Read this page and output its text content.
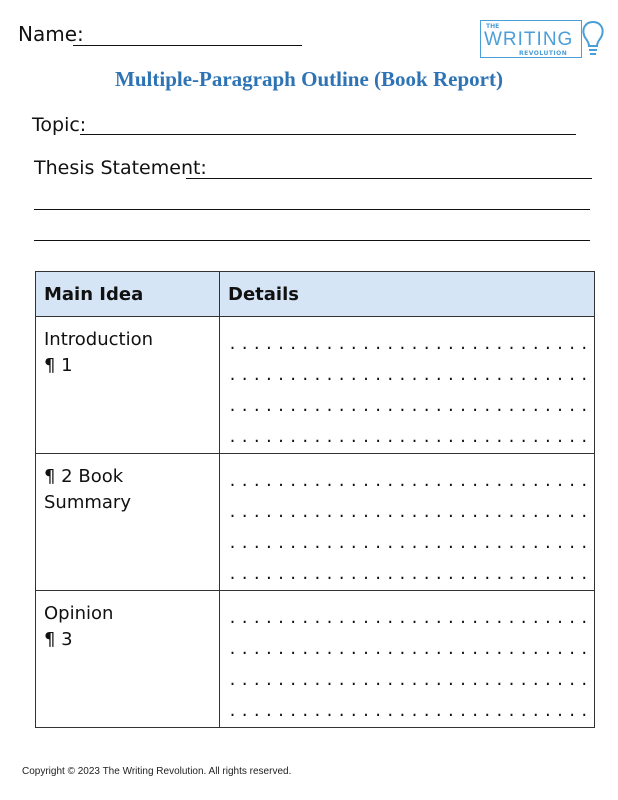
Name:	THE
WRITING
REVOLUTION
Multiple-Paragraph Outline (Book Report)
Topic:
Thesis Statement:
Main Idea	Details

Introduction
¶ 1

.....
.....
.....
.....

¶ 2 Book Summary

.....
.....
.....
.....

Opinion
¶ 3

.....
.....
.....
.....
Copyright © 2023 The Writing Revolution. All rights reserved.
